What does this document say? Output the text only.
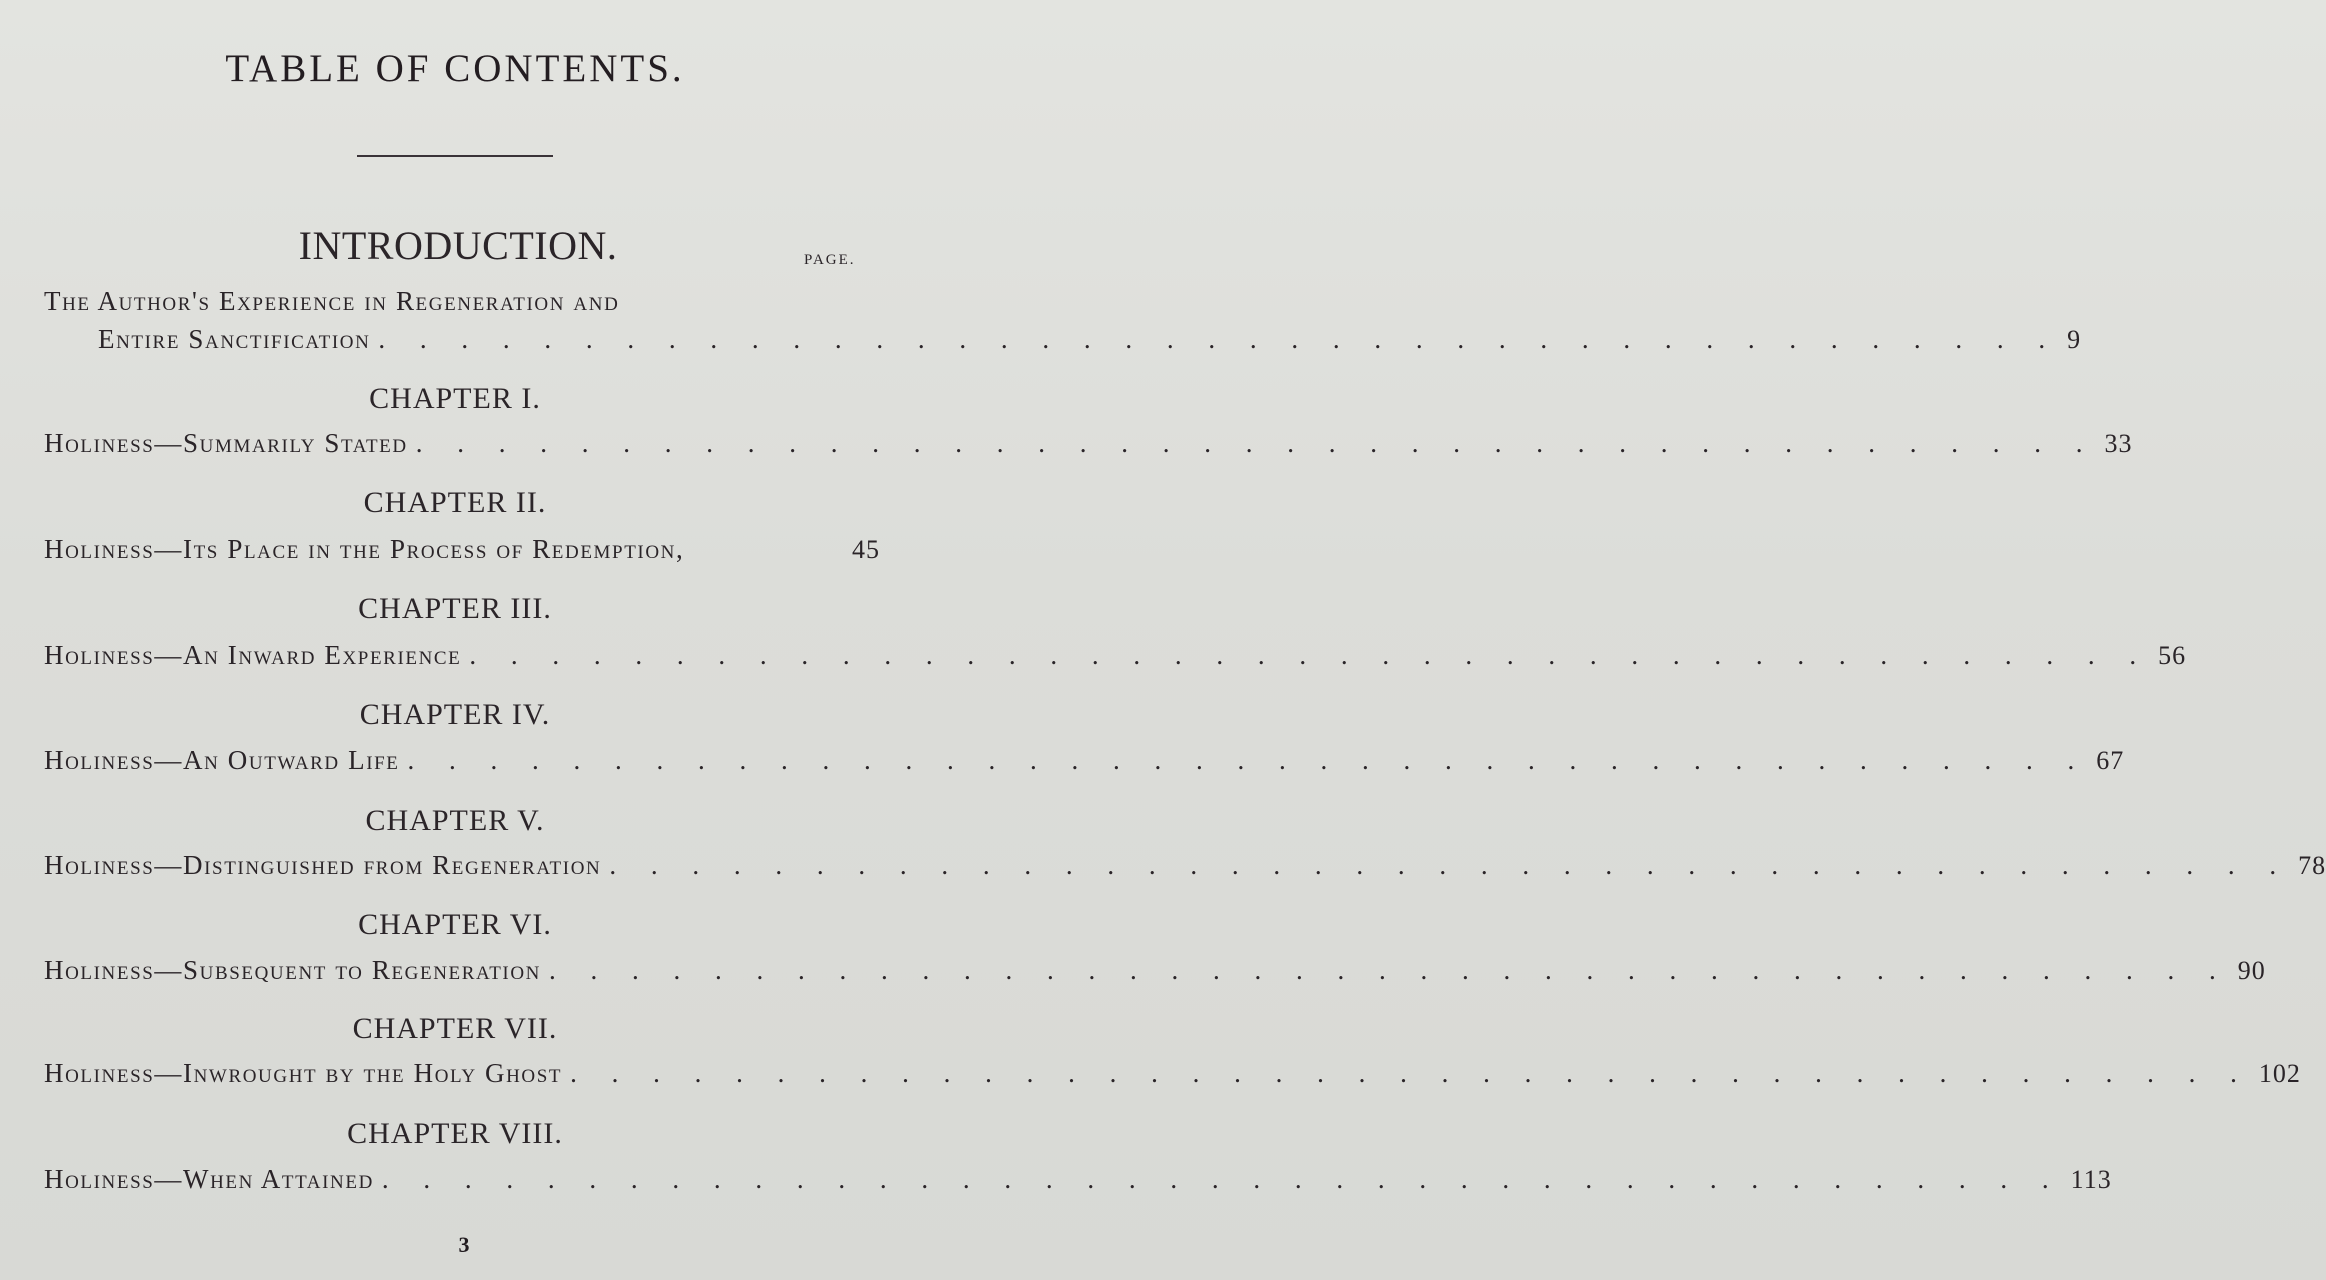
TABLE OF CONTENTS.
INTRODUCTION.	PAGE.
The Author's Experience in Regeneration and
Entire Sanctification . . . . . . . . . . . . . . . . . . . . . . . . . . . . . . . . . . . . . . . . . 9
CHAPTER I.
Holiness—Summarily Stated . . . . . . . . . . . . . . . . . . . . . . . . . . . . . . . . . . . . . . . . . 33
CHAPTER II.
Holiness—Its Place in the Process of Redemption,	45
CHAPTER III.
Holiness—An Inward Experience . . . . . . . . . . . . . . . . . . . . . . . . . . . . . . . . . . . . . . . . . 56
CHAPTER IV.
Holiness—An Outward Life . . . . . . . . . . . . . . . . . . . . . . . . . . . . . . . . . . . . . . . . . 67
CHAPTER V.
Holiness—Distinguished from Regeneration . . . . . . . . . . . . . . . . . . . . . . . . . . . . . . . . . . . . . . . . . 78
CHAPTER VI.
Holiness—Subsequent to Regeneration . . . . . . . . . . . . . . . . . . . . . . . . . . . . . . . . . . . . . . . . . 90
CHAPTER VII.
Holiness—Inwrought by the Holy Ghost . . . . . . . . . . . . . . . . . . . . . . . . . . . . . . . . . . . . . . . . . 102
CHAPTER VIII.
Holiness—When Attained . . . . . . . . . . . . . . . . . . . . . . . . . . . . . . . . . . . . . . . . . 113
3
